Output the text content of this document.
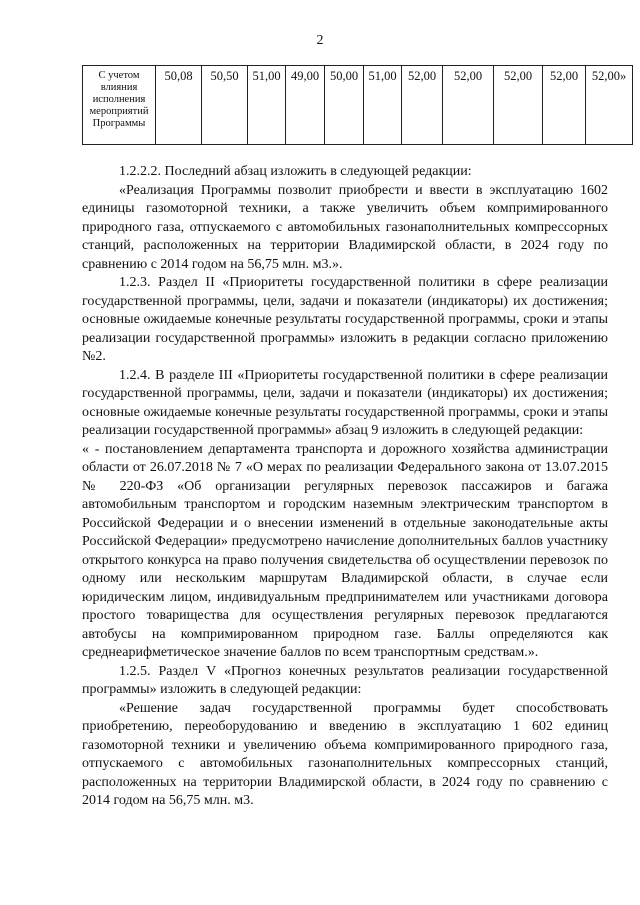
2
С учетом влияния исполнения мероприятий Программы	50,08	50,50	51,00	49,00	50,00	51,00	52,00	52,00	52,00	52,00	52,00»

1.2.2.2. Последний абзац изложить в следующей редакции:

«Реализация Программы позволит приобрести и ввести в эксплуатацию 1602 единицы газомоторной техники, а также увеличить объем компримированного природного газа, отпускаемого с автомобильных газонаполнительных компрессорных станций, расположенных на территории Владимирской области, в 2024 году по сравнению с 2014 годом на 56,75 млн. м3.».

1.2.3. Раздел II «Приоритеты государственной политики в сфере реализации государственной программы, цели, задачи и показатели (индикаторы) их достижения; основные ожидаемые конечные результаты государственной программы, сроки и этапы реализации государственной программы» изложить в редакции согласно приложению №2.

1.2.4. В разделе III «Приоритеты государственной политики в сфере реализации государственной программы, цели, задачи и показатели (индикаторы) их достижения; основные ожидаемые конечные результаты государственной программы, сроки и этапы реализации государственной программы» абзац 9 изложить в следующей редакции:

« - постановлением департамента транспорта и дорожного хозяйства администрации области от 26.07.2018 № 7 «О мерах по реализации Федерального закона от 13.07.2015 № 220-ФЗ «Об организации регулярных перевозок пассажиров и багажа автомобильным транспортом и городским наземным электрическим транспортом в Российской Федерации и о внесении изменений в отдельные законодательные акты Российской Федерации» предусмотрено начисление дополнительных баллов участнику открытого конкурса на право получения свидетельства об осуществлении перевозок по одному или нескольким маршрутам Владимирской области, в случае если юридическим лицом, индивидуальным предпринимателем или участниками договора простого товарищества для осуществления регулярных перевозок предлагаются автобусы на компримированном природном газе. Баллы определяются как среднеарифметическое значение баллов по всем транспортным средствам.».

1.2.5. Раздел V «Прогноз конечных результатов реализации государственной программы» изложить в следующей редакции:

«Решение задач государственной программы будет способствовать приобретению, переоборудованию и введению в эксплуатацию 1 602 единиц газомоторной техники и увеличению объема компримированного природного газа, отпускаемого с автомобильных газонаполнительных компрессорных станций, расположенных на территории Владимирской области, в 2024 году по сравнению с 2014 годом на 56,75 млн. м3.
